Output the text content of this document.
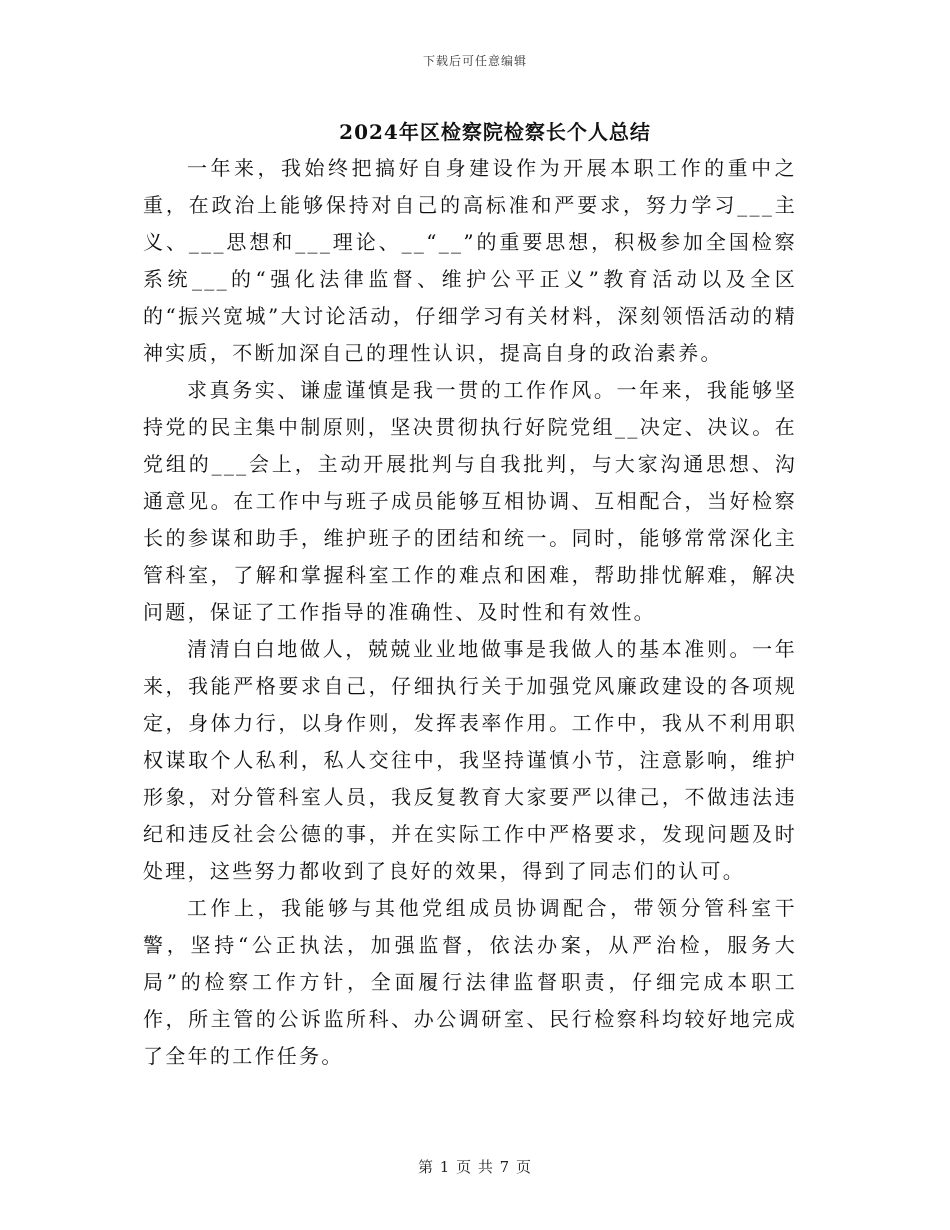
下载后可任意编辑
2024年区检察院检察长个人总结

一年来，我始终把搞好自身建设作为开展本职工作的重中之重，在政治上能够保持对自己的高标准和严要求，努力学习___主义、___思想和___理论、__“__”的重要思想，积极参加全国检察系统___的“强化法律监督、维护公平正义”教育活动以及全区的“振兴宽城”大讨论活动，仔细学习有关材料，深刻领悟活动的精神实质，不断加深自己的理性认识，提高自身的政治素养。

求真务实、谦虚谨慎是我一贯的工作作风。一年来，我能够坚持党的民主集中制原则，坚决贯彻执行好院党组__决定、决议。在党组的___会上，主动开展批判与自我批判，与大家沟通思想、沟通意见。在工作中与班子成员能够互相协调、互相配合，当好检察长的参谋和助手，维护班子的团结和统一。同时，能够常常深化主管科室，了解和掌握科室工作的难点和困难，帮助排忧解难，解决问题，保证了工作指导的准确性、及时性和有效性。

清清白白地做人，兢兢业业地做事是我做人的基本准则。一年来，我能严格要求自己，仔细执行关于加强党风廉政建设的各项规定，身体力行，以身作则，发挥表率作用。工作中，我从不利用职权谋取个人私利，私人交往中，我坚持谨慎小节，注意影响，维护形象，对分管科室人员，我反复教育大家要严以律己，不做违法违纪和违反社会公德的事，并在实际工作中严格要求，发现问题及时处理，这些努力都收到了良好的效果，得到了同志们的认可。

工作上，我能够与其他党组成员协调配合，带领分管科室干警，坚持“公正执法，加强监督，依法办案，从严治检，服务大局”的检察工作方针，全面履行法律监督职责，仔细完成本职工作，所主管的公诉监所科、办公调研室、民行检察科均较好地完成了全年的工作任务。

第 1 页 共 7 页
